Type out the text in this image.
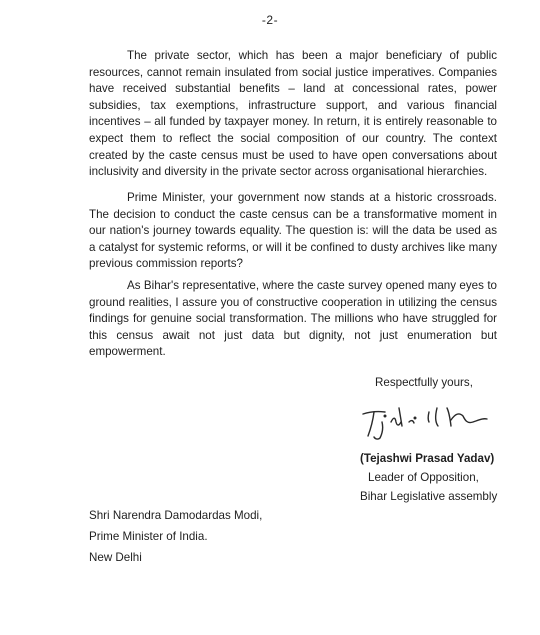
-2-

The private sector, which has been a major beneficiary of public resources, cannot remain insulated from social justice imperatives. Companies have received substantial benefits – land at concessional rates, power subsidies, tax exemptions, infrastructure support, and various financial incentives – all funded by taxpayer money. In return, it is entirely reasonable to expect them to reflect the social composition of our country. The context created by the caste census must be used to have open conversations about inclusivity and diversity in the private sector across organisational hierarchies.

Prime Minister, your government now stands at a historic crossroads. The decision to conduct the caste census can be a transformative moment in our nation's journey towards equality. The question is: will the data be used as a catalyst for systemic reforms, or will it be confined to dusty archives like many previous commission reports?

As Bihar's representative, where the caste survey opened many eyes to ground realities, I assure you of constructive cooperation in utilizing the census findings for genuine social transformation. The millions who have struggled for this census await not just data but dignity, not just enumeration but empowerment.

Respectfully yours,
(Tejashwi Prasad Yadav)
Leader of Opposition,
Bihar Legislative assembly
Shri Narendra Damodardas Modi,
Prime Minister of India.
New Delhi
